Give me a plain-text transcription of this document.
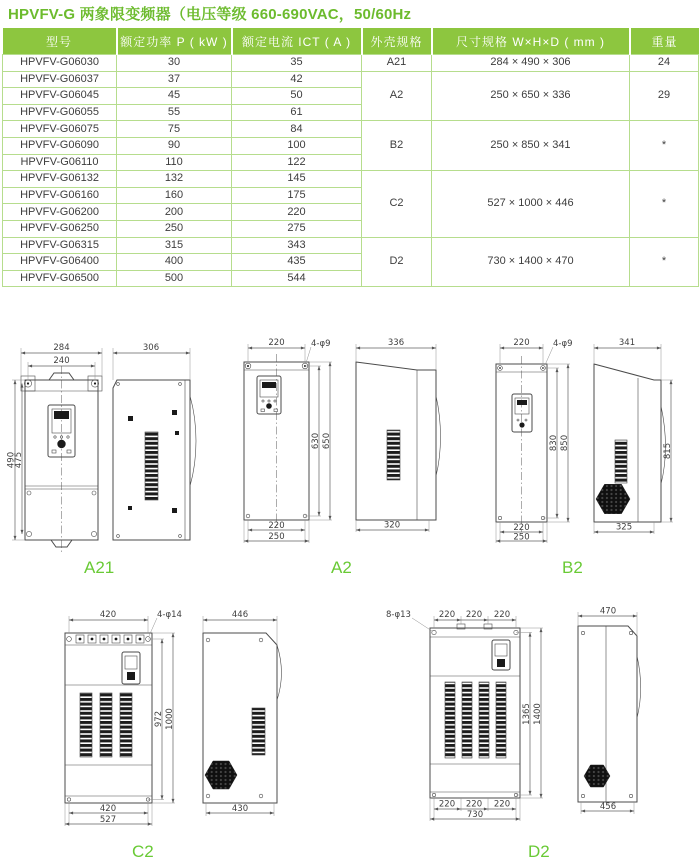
HPVFV-G 两象限变频器（电压等级 660-690VAC，50/60Hz
型号	额定功率 P ( kW )	额定电流 ICT ( A )	外壳规格	尺寸规格 W×H×D ( mm )	重量
HPVFV-G06030	30	35	A21	284 × 490 × 306	24
HPVFV-G06037	37	42	A2	250 × 650 × 336	29
HPVFV-G06045	45	50			
HPVFV-G06055	55	61			
HPVFV-G06075	75	84	B2	250 × 850 × 341	*
HPVFV-G06090	90	100			
HPVFV-G06110	110	122			
HPVFV-G06132	132	145	C2	527 × 1000 × 446	*
HPVFV-G06160	160	175			
HPVFV-G06200	200	220			
HPVFV-G06250	250	275			
HPVFV-G06315	315	343	D2	730 × 1400 × 470	*
HPVFV-G06400	400	435			
HPVFV-G06500	500	544			
284
240
490
475
306
A21
220	4-φ9
630 650
220
250
336
320
A2
220	4-φ9
830 850
220
250
341
815
325
B2
420	4-φ14
972 1000
420
527
446
430
C2
8-φ13	220 220 220
1365 1400
220 220 220
730
470
456
D2
